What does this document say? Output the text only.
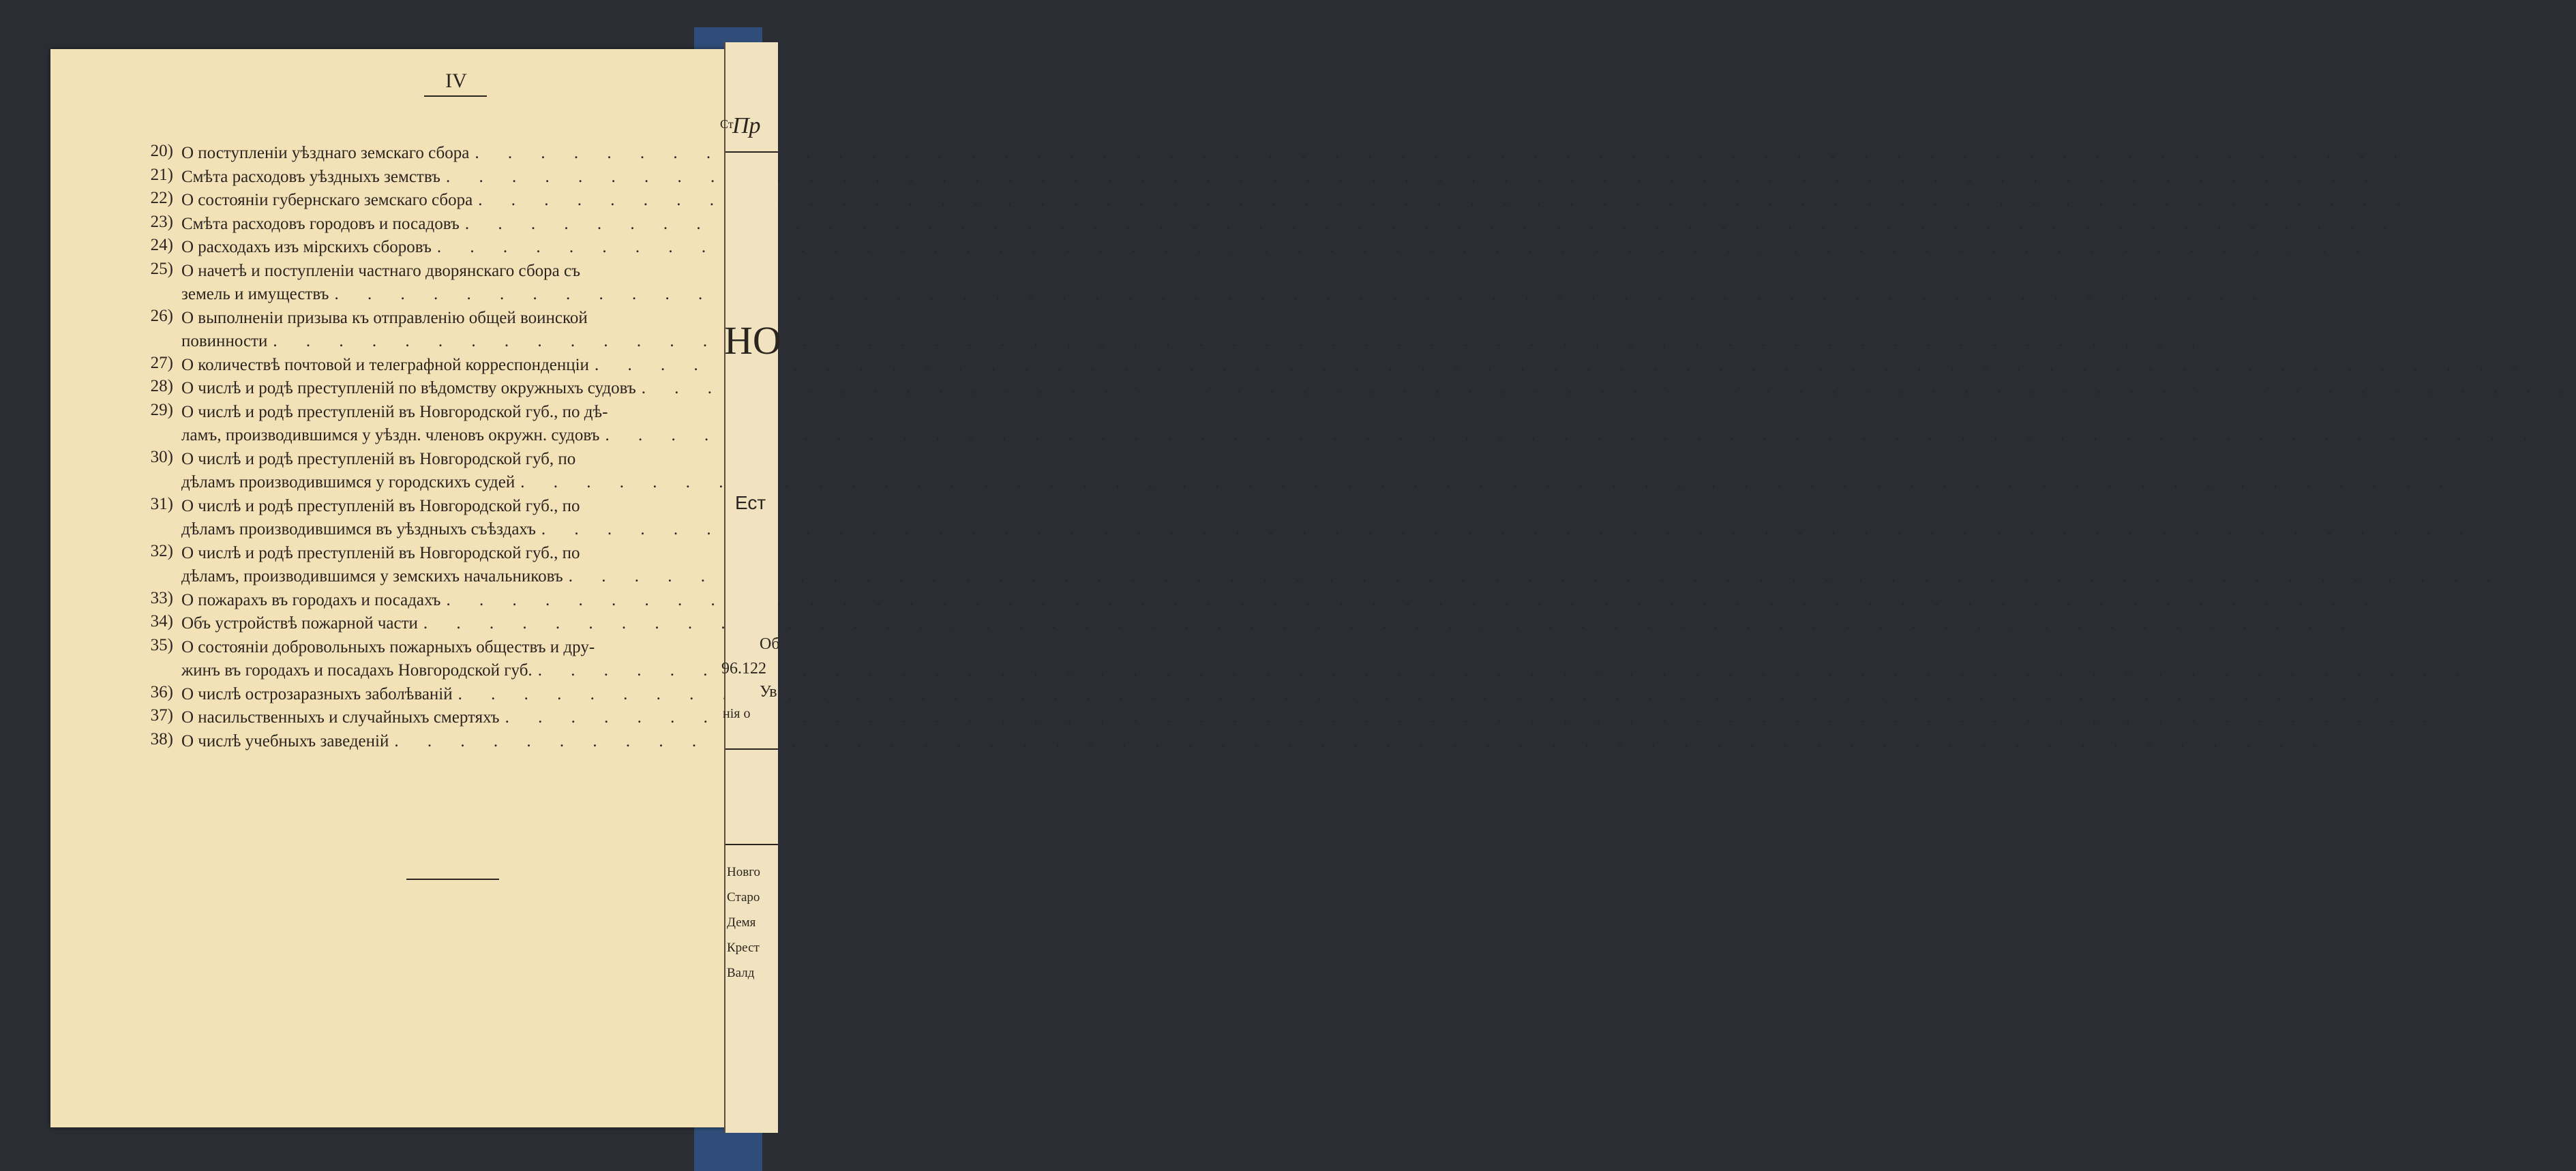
IV
20) О поступленіи уѣзднаго земскаго сбора
. . .
21) Смѣта расходовъ уѣздныхъ земствъ
. . .
22) О состояніи губернскаго земскаго сбора
. . .
23) Смѣта расходовъ городовъ и посадовъ
. . .
24) О расходахъ изъ мірскихъ сборовъ
. . .
25) О начетѣ и поступленіи частнаго дворянскаго сбора съ
земель и имуществъ
. . .
26) О выполненіи призыва къ отправленію общей воинской
повинности
. . .
27) О количествѣ почтовой и телеграфной корреспонденціи
. . .
28) О числѣ и родѣ преступленій по вѣдомству окружныхъ судовъ
. . .
29) О числѣ и родѣ преступленій въ Новгородской губ., по дѣ-
ламъ, производившимся у уѣздн. членовъ окружн. судовъ
. . .
30) О числѣ и родѣ преступленій въ Новгородской губ, по
дѣламъ производившимся у городскихъ судей
. . .
31) О числѣ и родѣ преступленій въ Новгородской губ., по
дѣламъ производившимся въ уѣздныхъ съѣздахъ
. . .
32) О числѣ и родѣ преступленій въ Новгородской губ., по
дѣламъ, производившимся у земскихъ начальниковъ
. . .
33) О пожарахъ въ городахъ и посадахъ
. . .
34) Объ устройствѣ пожарной части
. . .
35) О состояніи добровольныхъ пожарныхъ обществъ и дру-
жинъ въ городахъ и посадахъ Новгородской губ.
. . .
36) О числѣ острозаразныхъ заболѣваній
. . .
37) О насильственныхъ и случайныхъ смертяхъ
. . .
38) О числѣ учебныхъ заведеній
. . .
Ст
Пр
НО
Ест
Об
96.122
Ув
нія о
Новго
Старо
Демя
Крест
Валд
